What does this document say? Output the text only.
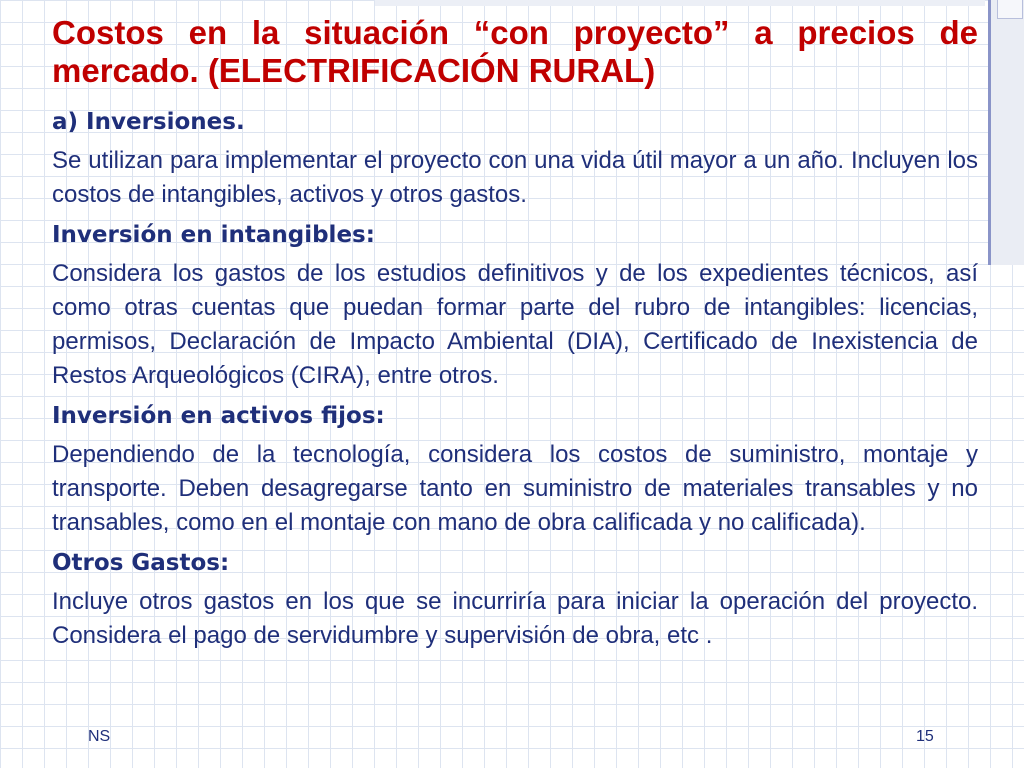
Costos en la situación “con proyecto” a precios de mercado. (ELECTRIFICACIÓN RURAL)
a) Inversiones.

Se utilizan para implementar el proyecto con una vida útil mayor a un año. Incluyen los costos de intangibles, activos y otros gastos.

Inversión en intangibles:

Considera los gastos de los estudios definitivos y de los expedientes técnicos, así como otras cuentas que puedan formar parte del rubro de intangibles: licencias, permisos, Declaración de Impacto Ambiental (DIA), Certificado de Inexistencia de Restos Arqueológicos (CIRA), entre otros.

Inversión en activos fijos:

Dependiendo de la tecnología, considera los costos de suministro, montaje y transporte. Deben desagregarse tanto en suministro de materiales transables y no transables, como en el montaje con mano de obra calificada y no calificada).

Otros Gastos:

Incluye otros gastos en los que se incurriría para iniciar la operación del proyecto. Considera el pago de servidumbre y supervisión de obra, etc .

NS	15
